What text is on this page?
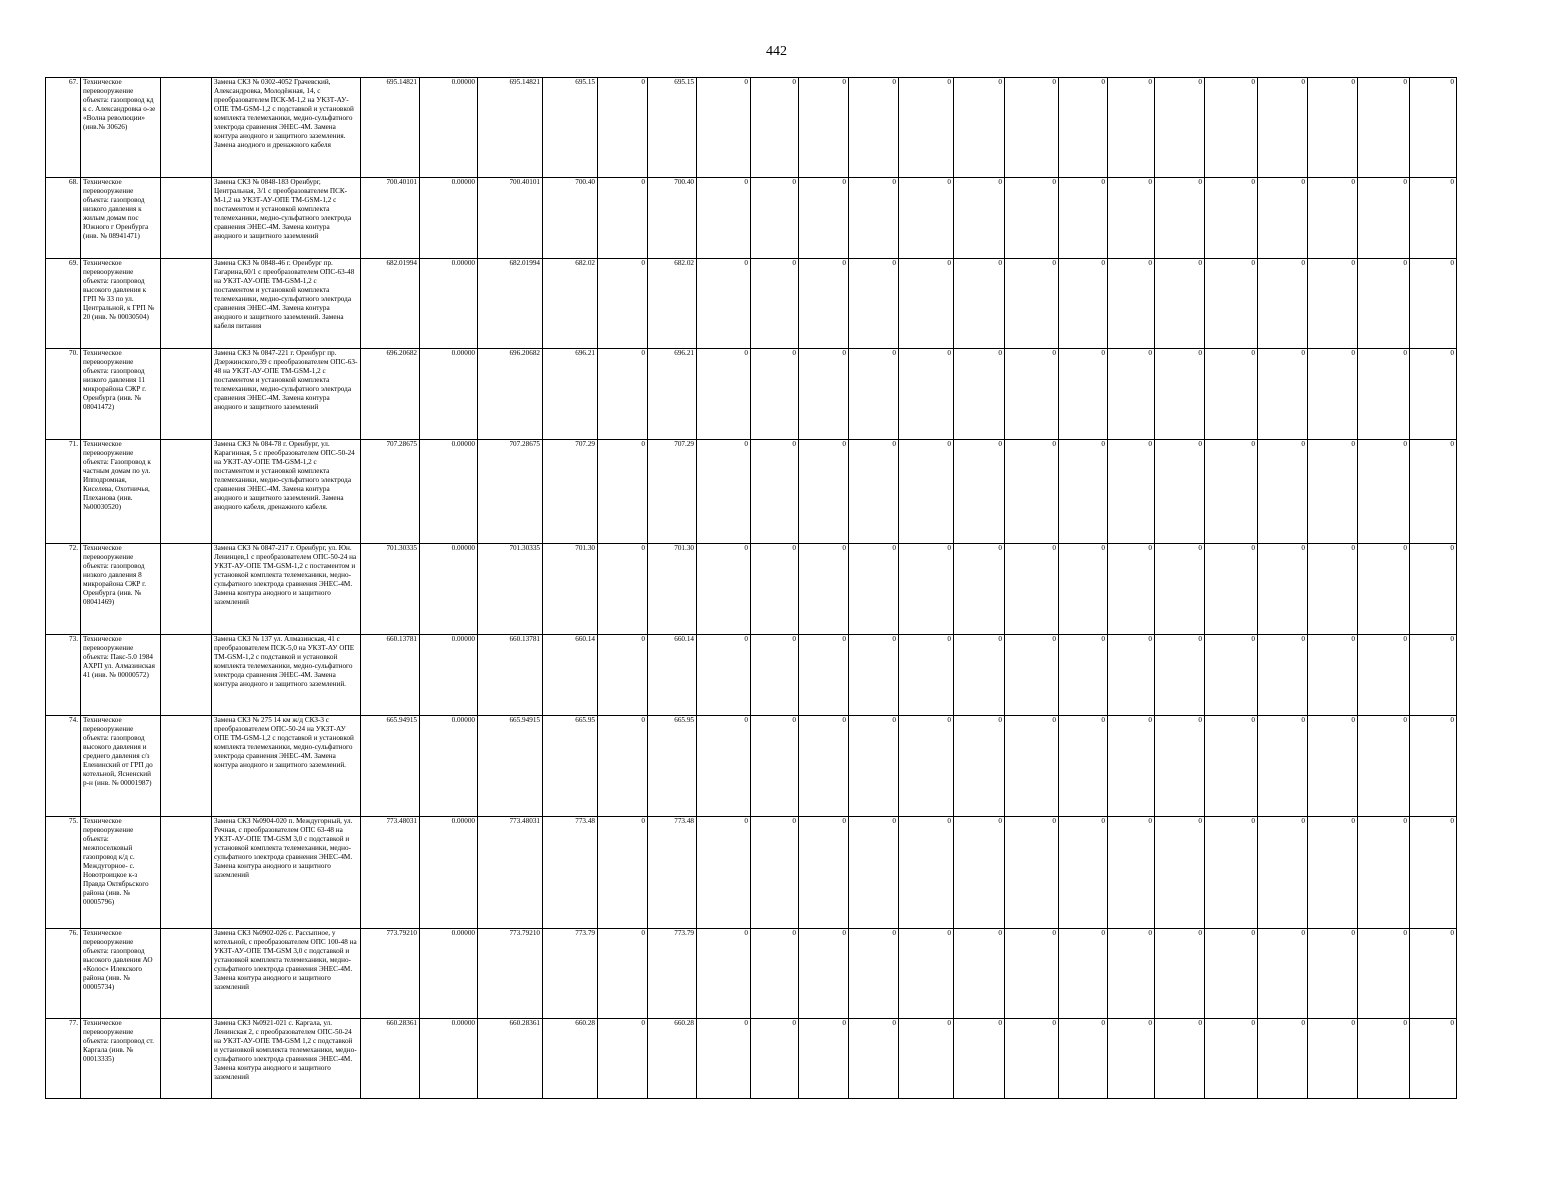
442
67.	Техническое перевооружение объекта: газопровод кд к с. Александровка о-зе «Волна революции» (инв.№ 30626)		Замена СКЗ № 0302-4052 Грачевский, Александровка, Молодёжная, 14, с преобразователем ПСК-М-1,2 на УКЗТ-АУ-ОПЕ ТМ-GSM-1,2 с подставкой и установкой комплекта телемеханики, медно-сульфатного электрода сравнения ЭНЕС-4М. Замена контура анодного и защитного заземления. Замена анодного и дренажного кабеля	695.14821	0.00000	695.14821	695.15	0	695.15	0	0	0	0	0	0	0	0	0	0	0	0	0	0	0
68.	Техническое перевооружение объекта: газопровод низкого давления к жилым домам пос Южного г Оренбурга (инв. № 08941471)		Замена СКЗ № 0848-183 Оренбург, Центральная, 3/1 с преобразователем ПСК-М-1,2 на УКЗТ-АУ-ОПЕ ТМ-GSM-1,2 с постаментом и установкой комплекта телемеханики, медно-сульфатного электрода сравнения ЭНЕС-4М. Замена контура анодного и защитного заземлений	700.40101	0.00000	700.40101	700.40	0	700.40	0	0	0	0	0	0	0	0	0	0	0	0	0	0	0
69.	Техническое перевооружение объекта: газопровод высокого давления к ГРП № 33 по ул. Центральной, к ГРП № 20 (инв. № 00030504)		Замена СКЗ № 0848-46 г. Оренбург пр. Гагарина,60/1 с преобразователем ОПС-63-48 на УКЗТ-АУ-ОПЕ ТМ-GSM-1,2 с постаментом и установкой комплекта телемеханики, медно-сульфатного электрода сравнения ЭНЕС-4М. Замена контура анодного и защитного заземлений. Замена кабеля питания	682.01994	0.00000	682.01994	682.02	0	682.02	0	0	0	0	0	0	0	0	0	0	0	0	0	0	0
70.	Техническое перевооружение объекта: газопровод низкого давления 11 микрорайона СЖР г. Оренбурга (инв. № 08041472)		Замена СКЗ № 0847-221 г. Оренбург пр. Дзержинского,39 с преобразователем ОПС-63-48 на УКЗТ-АУ-ОПЕ ТМ-GSM-1,2 с постаментом и установкой комплекта телемеханики, медно-сульфатного электрода сравнения ЭНЕС-4М. Замена контура анодного и защитного заземлений	696.20682	0.00000	696.20682	696.21	0	696.21	0	0	0	0	0	0	0	0	0	0	0	0	0	0	0
71.	Техническое перевооружение объекта: Газопровод к частным домам по ул. Ипподромная, Киселева, Охотничья, Плеханова (инв. №00030520)		Замена СКЗ № 084-78 г. Оренбург, ул. Карагинная, 5 с преобразователем ОПС-50-24 на УКЗТ-АУ-ОПЕ ТМ-GSM-1,2 с постаментом и установкой комплекта телемеханики, медно-сульфатного электрода сравнения ЭНЕС-4М. Замена контура анодного и защитного заземлений. Замена анодного кабеля, дренажного кабеля.	707.28675	0.00000	707.28675	707.29	0	707.29	0	0	0	0	0	0	0	0	0	0	0	0	0	0	0
72.	Техническое перевооружение объекта: газопровод низкого давления 8 микрорайона СЖР г. Оренбурга (инв. № 08041469)		Замена СКЗ № 0847-217 г. Оренбург, ул. Юн. Ленинцев,1 с преобразователем ОПС-50-24 на УКЗТ-АУ-ОПЕ ТМ-GSM-1,2 с постаментом и установкой комплекта телемеханики, медно-сульфатного электрода сравнения ЭНЕС-4М. Замена контура анодного и защитного заземлений	701.30335	0.00000	701.30335	701.30	0	701.30	0	0	0	0	0	0	0	0	0	0	0	0	0	0	0
73.	Техническое перевооружение объекта: Пакс-5.0 1984 АХРП ул. Алмазинская 41 (инв. № 00000572)		Замена СКЗ № 137 ул. Алмазинская, 41 с преобразователем ПСК-5,0 на УКЗТ-АУ ОПЕ ТМ-GSM-1,2 с подставкой и установкой комплекта телемеханики, медно-сульфатного электрода сравнения ЭНЕС-4М. Замена контура анодного и защитного заземлений.	660.13781	0.00000	660.13781	660.14	0	660.14	0	0	0	0	0	0	0	0	0	0	0	0	0	0	0
74.	Техническое перевооружение объекта: газопровод высокого давления и среднего давления с/з Еленинский от ГРП до котельной, Ясненский р-н (инв. № 00001987)		Замена СКЗ № 275 14 км ж/д СКЗ-3 с преобразователем ОПС-50-24 на УКЗТ-АУ ОПЕ ТМ-GSM-1,2 с подставкой и установкой комплекта телемеханики, медно-сульфатного электрода сравнения ЭНЕС-4М. Замена контура анодного и защитного заземлений.	665.94915	0.00000	665.94915	665.95	0	665.95	0	0	0	0	0	0	0	0	0	0	0	0	0	0	0
75.	Техническое перевооружение объекта: межпоселковый газопровод к/д с. Междугорное- с. Новотроицкое к-з Правда Октябрьского района (инв. № 00005796)		Замена СКЗ №0904-020 п. Междугорный, ул. Речная, с преобразователем ОПС 63-48 на УКЗТ-АУ-ОПЕ ТМ-GSM 3,0 с подставкой и установкой комплекта телемеханики, медно-сульфатного электрода сравнения ЭНЕС-4М. Замена контура анодного и защитного заземлений	773.48031	0.00000	773.48031	773.48	0	773.48	0	0	0	0	0	0	0	0	0	0	0	0	0	0	0
76.	Техническое перевооружение объекта: газопровод высокого давления АО «Колос» Илекского района (инв. № 00005734)		Замена СКЗ №0902-026 с. Рассыпное, у котельной, с преобразователем ОПС 100-48 на УКЗТ-АУ-ОПЕ ТМ-GSM 3,0 с подставкой и установкой комплекта телемеханики, медно-сульфатного электрода сравнения ЭНЕС-4М. Замена контура анодного и защитного заземлений	773.79210	0.00000	773.79210	773.79	0	773.79	0	0	0	0	0	0	0	0	0	0	0	0	0	0	0
77.	Техническое перевооружение объекта: газопровод ст. Каргала (инв. № 00013335)		Замена СКЗ №0921-021 с. Каргала, ул. Ленинская 2, с преобразователем ОПС-50-24 на УКЗТ-АУ-ОПЕ ТМ-GSM 1,2 с подставкой и установкой комплекта телемеханики, медно-сульфатного электрода сравнения ЭНЕС-4М. Замена контура анодного и защитного заземлений	660.28361	0.00000	660.28361	660.28	0	660.28	0	0	0	0	0	0	0	0	0	0	0	0	0	0	0
